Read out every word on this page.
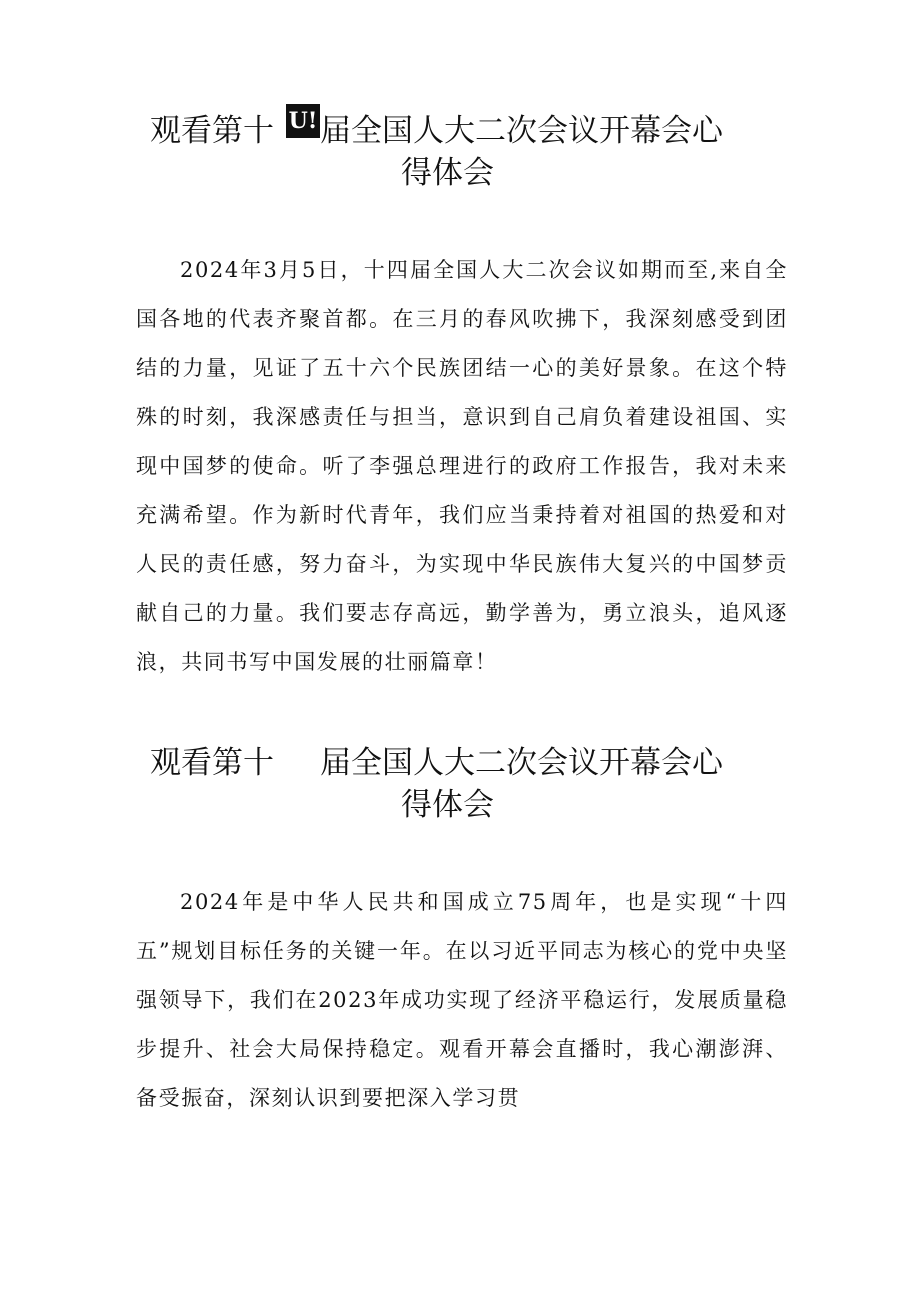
观看第十 U! 届全国人大二次会议开幕会心
得体会

2024年3月5日，十四届全国人大二次会议如期而至,来自全国各地的代表齐聚首都。在三月的春风吹拂下，我深刻感受到团结的力量，见证了五十六个民族团结一心的美好景象。在这个特殊的时刻，我深感责任与担当，意识到自己肩负着建设祖国、实现中国梦的使命。听了李强总理进行的政府工作报告，我对未来充满希望。作为新时代青年，我们应当秉持着对祖国的热爱和对人民的责任感，努力奋斗，为实现中华民族伟大复兴的中国梦贡献自己的力量。我们要志存高远，勤学善为，勇立浪头，追风逐浪，共同书写中国发展的壮丽篇章！

观看第十 届全国人大二次会议开幕会心
得体会

2024年是中华人民共和国成立75周年，也是实现“十四五”规划目标任务的关键一年。在以习近平同志为核心的党中央坚强领导下，我们在2023年成功实现了经济平稳运行，发展质量稳步提升、社会大局保持稳定。观看开幕会直播时，我心潮澎湃、备受振奋，深刻认识到要把深入学习贯
